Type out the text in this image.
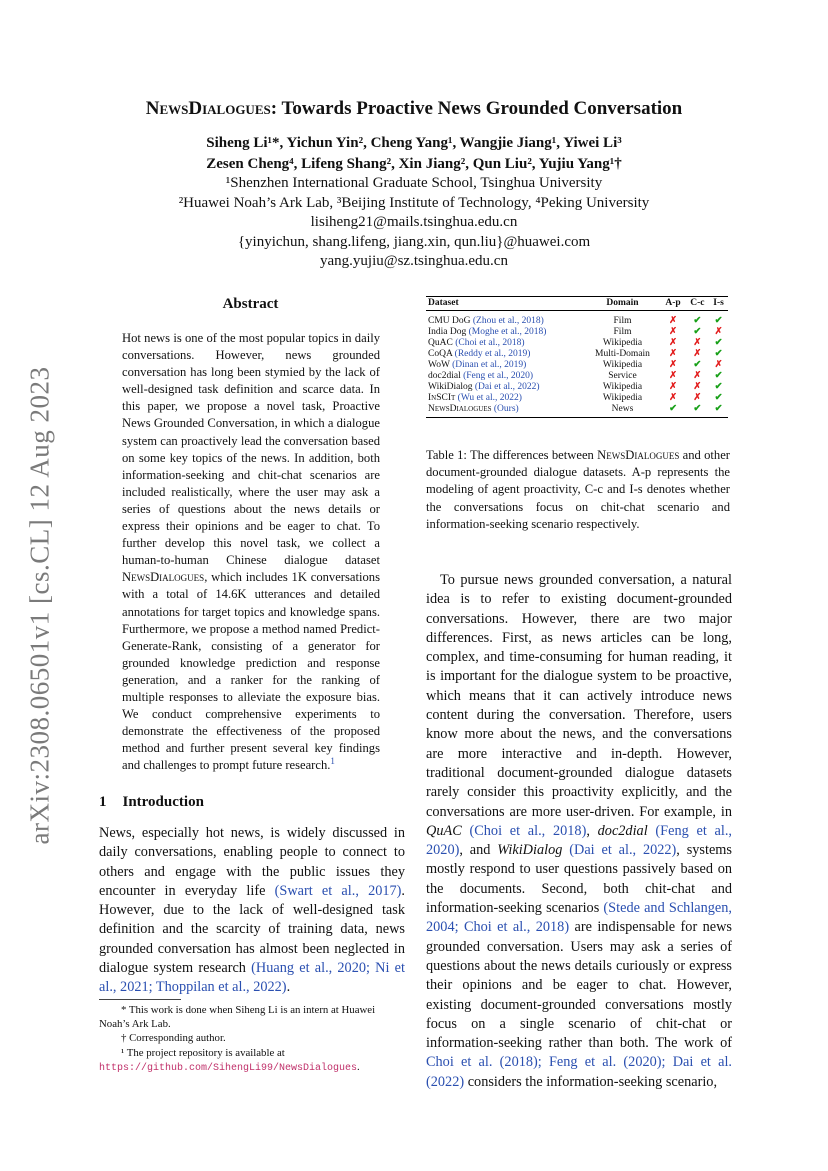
arXiv:2308.06501v1 [cs.CL] 12 Aug 2023
NewsDialogues: Towards Proactive News Grounded Conversation
Siheng Li¹*, Yichun Yin², Cheng Yang¹, Wangjie Jiang¹, Yiwei Li³
Zesen Cheng⁴, Lifeng Shang², Xin Jiang², Qun Liu², Yujiu Yang¹†
¹Shenzhen International Graduate School, Tsinghua University
²Huawei Noah’s Ark Lab, ³Beijing Institute of Technology, ⁴Peking University
lisiheng21@mails.tsinghua.edu.cn
{yinyichun, shang.lifeng, jiang.xin, qun.liu}@huawei.com
yang.yujiu@sz.tsinghua.edu.cn
Abstract
Hot news is one of the most popular topics in daily conversations. However, news grounded conversation has long been stymied by the lack of well-designed task definition and scarce data. In this paper, we propose a novel task, Proactive News Grounded Conversation, in which a dialogue system can proactively lead the conversation based on some key topics of the news. In addition, both information-seeking and chit-chat scenarios are included realistically, where the user may ask a series of questions about the news details or express their opinions and be eager to chat. To further develop this novel task, we collect a human-to-human Chinese dialogue dataset NewsDialogues, which includes 1K conversations with a total of 14.6K utterances and detailed annotations for target topics and knowledge spans. Furthermore, we propose a method named Predict-Generate-Rank, consisting of a generator for grounded knowledge prediction and response generation, and a ranker for the ranking of multiple responses to alleviate the exposure bias. We conduct comprehensive experiments to demonstrate the effectiveness of the proposed method and further present several key findings and challenges to prompt future research.$^1$
1 Introduction
News, especially hot news, is widely discussed in daily conversations, enabling people to connect to others and engage with the public issues they encounter in everyday life (Swart et al., 2017). However, due to the lack of well-designed task definition and the scarcity of training data, news grounded conversation has almost been neglected in dialogue system research (Huang et al., 2020; Ni et al., 2021; Thoppilan et al., 2022).

* This work is done when Siheng Li is an intern at Huawei Noah’s Ark Lab.

† Corresponding author.

¹ The project repository is available at https://github.com/SihengLi99/NewsDialogues.

Dataset	Domain	A-p	C-c	I-s
CMU DoG (Zhou et al., 2018)	Film	✗	✔	✔
India Dog (Moghe et al., 2018)	Film	✗	✔	✗
QuAC (Choi et al., 2018)	Wikipedia	✗	✗	✔
CoQA (Reddy et al., 2019)	Multi-Domain	✗	✗	✔
WoW (Dinan et al., 2019)	Wikipedia	✗	✔	✗
doc2dial (Feng et al., 2020)	Service	✗	✗	✔
WikiDialog (Dai et al., 2022)	Wikipedia	✗	✗	✔
InSCIt (Wu et al., 2022)	Wikipedia	✗	✗	✔
NewsDialogues (Ours)	News	✔	✔	✔
Table 1: The differences between NewsDialogues and other document-grounded dialogue datasets. A-p represents the modeling of agent proactivity, C-c and I-s denotes whether the conversations focus on chit-chat scenario and information-seeking scenario respectively.
To pursue news grounded conversation, a natural idea is to refer to existing document-grounded conversations. However, there are two major differences. First, as news articles can be long, complex, and time-consuming for human reading, it is important for the dialogue system to be proactive, which means that it can actively introduce news content during the conversation. Therefore, users know more about the news, and the conversations are more interactive and in-depth. However, traditional document-grounded dialogue datasets rarely consider this proactivity explicitly, and the conversations are more user-driven. For example, in QuAC (Choi et al., 2018), doc2dial (Feng et al., 2020), and WikiDialog (Dai et al., 2022), systems mostly respond to user questions passively based on the documents. Second, both chit-chat and information-seeking scenarios (Stede and Schlangen, 2004; Choi et al., 2018) are indispensable for news grounded conversation. Users may ask a series of questions about the news details curiously or express their opinions and be eager to chat. However, existing document-grounded conversations mostly focus on a single scenario of chit-chat or information-seeking rather than both. The work of Choi et al. (2018); Feng et al. (2020); Dai et al. (2022) considers the information-seeking scenario,
